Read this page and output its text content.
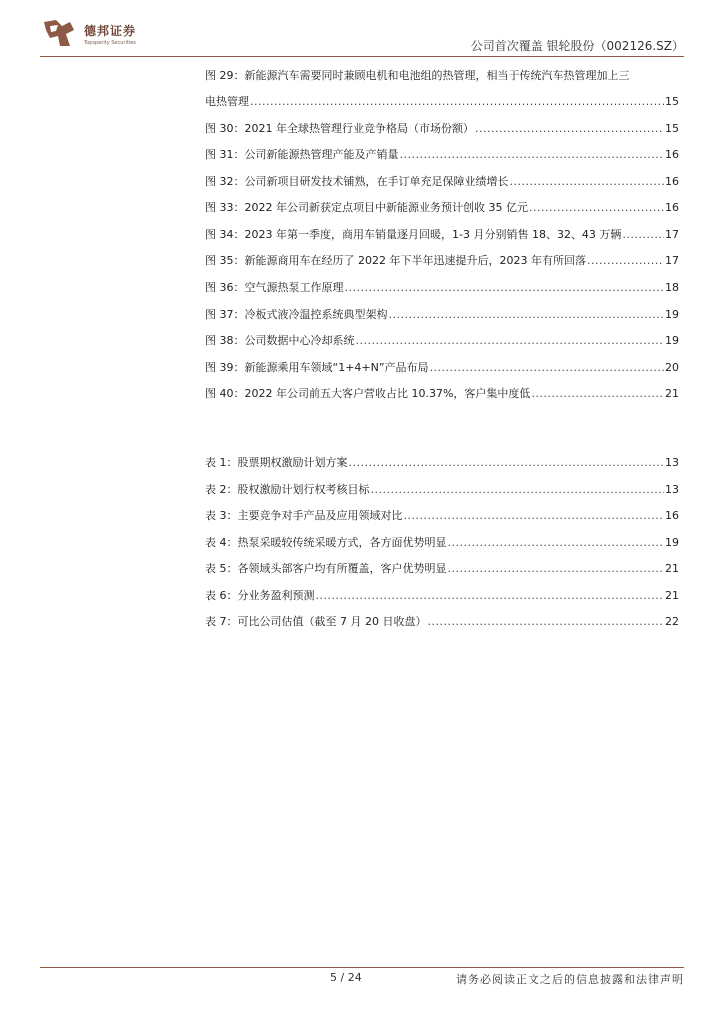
德邦证券
Topsperity Securities	公司首次覆盖 银轮股份（002126.SZ）
图 29：新能源汽车需要同时兼顾电机和电池组的热管理，相当于传统汽车热管理加上三
电热管理 .....	15
图 30：2021 年全球热管理行业竞争格局（市场份额） .....	15
图 31：公司新能源热管理产能及产销量 .....	16
图 32：公司新项目研发技术铺熟，在手订单充足保障业绩增长 .....	16
图 33：2022 年公司新获定点项目中新能源业务预计创收 35 亿元 .....	16
图 34：2023 年第一季度，商用车销量逐月回暖，1-3 月分别销售 18、32、43 万辆 .....	17
图 35：新能源商用车在经历了 2022 年下半年迅速提升后，2023 年有所回落 .....	17
图 36：空气源热泵工作原理 .....	18
图 37：冷板式液冷温控系统典型架构 .....	19
图 38：公司数据中心冷却系统 .....	19
图 39：新能源乘用车领域“1+4+N”产品布局 .....	20
图 40：2022 年公司前五大客户营收占比 10.37%，客户集中度低 .....	21
表 1：股票期权激励计划方案 .....	13
表 2：股权激励计划行权考核目标 .....	13
表 3：主要竞争对手产品及应用领域对比 .....	16
表 4：热泵采暖较传统采暖方式，各方面优势明显 .....	19
表 5：各领域头部客户均有所覆盖，客户优势明显 .....	21
表 6：分业务盈利预测 .....	21
表 7：可比公司估值（截至 7 月 20 日收盘） .....	22
5 / 24	请务必阅读正文之后的信息披露和法律声明
